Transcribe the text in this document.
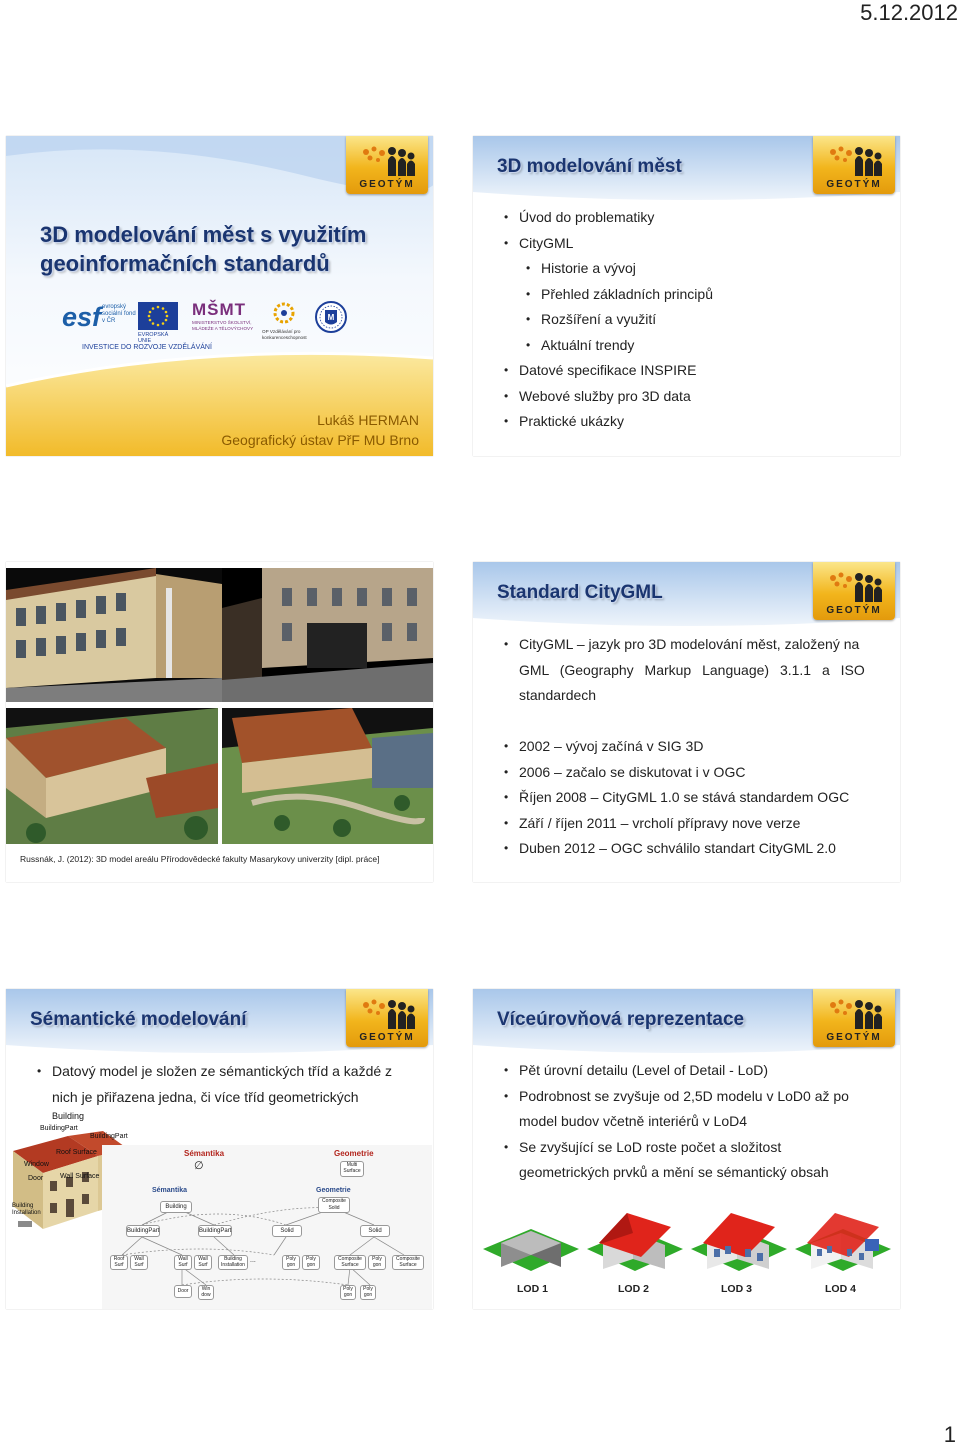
5.12.2012
GEOTÝM
3D modelování měst s využitím geoinformačních standardů
esf evropský sociální fond v ČR
EVROPSKÁ UNIE
MŠMT
MINISTERSTVO ŠKOLSTVÍ, MLÁDEŽE A TĚLOVÝCHOVY
OP Vzdělávání pro konkurenceschopnost
M
INVESTICE DO ROZVOJE VZDĚLÁVÁNÍ
Lukáš HERMAN
Geografický ústav PřF MU Brno
GEOTÝM
3D modelování měst
• Úvod do problematiky
• CityGML
• Historie a vývoj
• Přehled základních principů
• Rozšíření a využití
• Aktuální trendy
• Datové specifikace INSPIRE
• Webové služby pro 3D data
• Praktické ukázky
Russnák, J. (2012): 3D model areálu Přírodovědecké fakulty Masarykovy univerzity [dipl. práce]
GEOTÝM
Standard CityGML
• CityGML – jazyk pro 3D modelování měst, založený na
GML (Geography Markup Language) 3.1.1 a ISO
standardech
• 2002 – vývoj začíná v SIG 3D
• 2006 – začalo se diskutovat i v OGC
• Říjen 2008 – CityGML 1.0 se stává standardem OGC
• Září / říjen 2011 – vrcholí přípravy nove verze
• Duben 2012 – OGC schválilo standart CityGML 2.0
GEOTÝM
Sémantické modelování
• Datový model je složen ze sémantických tříd a každé z
nich je přiřazena jedna, či více tříd geometrických
Building
BuildingPart
BuildingPart
Roof Surface
Window
Door Wall Surface
Building Installation
Sémantika
∅
Geometrie
Multi Surface
Sémantika	Geometrie
Building
Composite Solid
BuildingPart	BuildingPart	Solid	Solid
Roof Surf
Wall Surf
Wall Surf
Wall Surf
Building Installation
Poly gon
Poly gon
Composite Surface
Poly gon
Composite Surface
Door	Win dow
Poly gon
Poly gon
...
GEOTÝM
Víceúrovňová reprezentace
• Pět úrovní detailu (Level of Detail - LoD)
• Podrobnost se zvyšuje od 2,5D modelu v LoD0 až po
model budov včetně interiérů v LoD4
• Se zvyšující se LoD roste počet a složitost
geometrických prvků a mění se sémantický obsah
LOD 1	LOD 2	LOD 3	LOD 4
1
